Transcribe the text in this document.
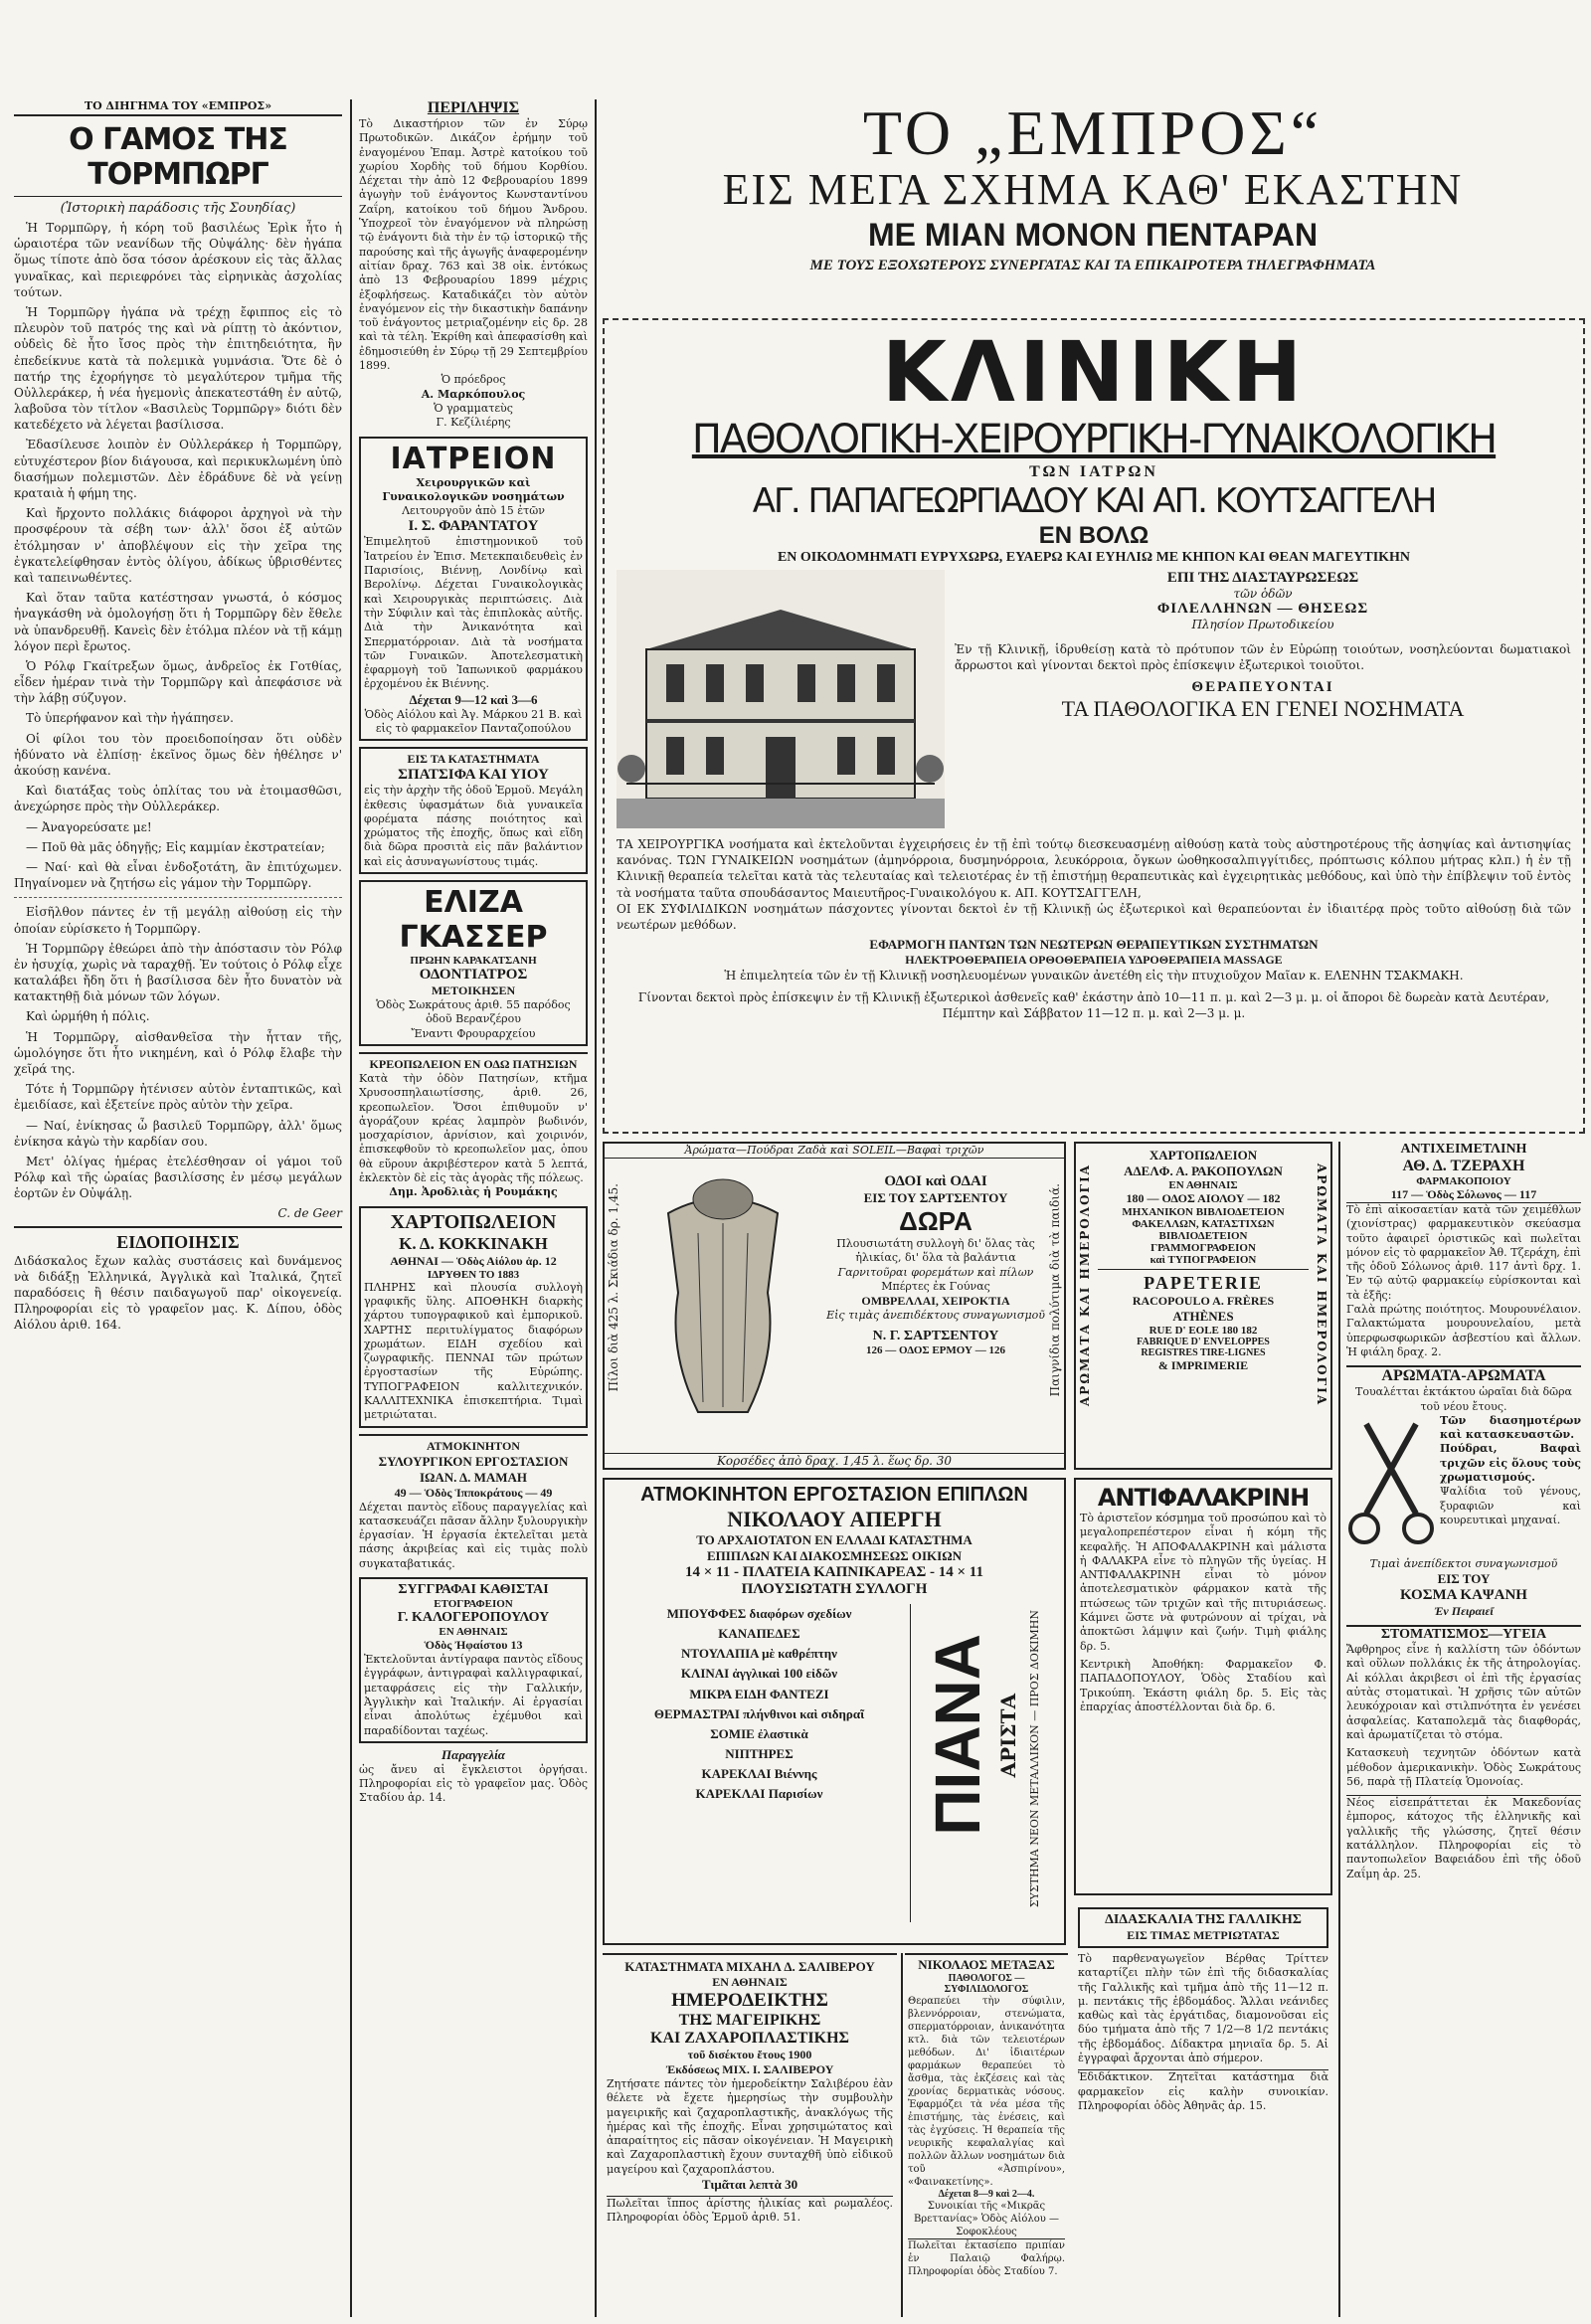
ΤΟ ΔΙΗΓΗΜΑ ΤΟΥ «ΕΜΠΡΟΣ»
Ο ΓΑΜΟΣ ΤΗΣ ΤΟΡΜΠΩΡΓ
(Ἱστορικὴ παράδοσις τῆς Σουηδίας)

Ἡ Τορμπῶργ, ἡ κόρη τοῦ βασιλέως Ἐρὶκ ἦτο ἡ ὡραιοτέρα τῶν νεανίδων τῆς Οὐψάλης· δὲν ἠγάπα ὅμως τίποτε ἀπὸ ὅσα τόσον ἀρέσκουν εἰς τὰς ἄλλας γυναῖκας, καὶ περιεφρόνει τὰς εἰρηνικὰς ἀσχολίας τούτων.

Ἡ Τορμπῶργ ἠγάπα νὰ τρέχῃ ἔφιππος εἰς τὸ πλευρὸν τοῦ πατρός της καὶ νὰ ρίπτῃ τὸ ἀκόντιον, οὐδεὶς δὲ ἦτο ἴσος πρὸς τὴν ἐπιτηδειότητα, ἣν ἐπεδείκνυε κατὰ τὰ πολεμικὰ γυμνάσια. Ὅτε δὲ ὁ πατήρ της ἐχορήγησε τὸ μεγαλύτερον τμῆμα τῆς Οὐλλεράκερ, ἡ νέα ἡγεμονὶς ἀπεκατεστάθη ἐν αὐτῷ, λαβοῦσα τὸν τίτλον «Βασιλεὺς Τορμπῶργ» διότι δὲν κατεδέχετο νὰ λέγεται βασίλισσα.

Ἐδασίλευσε λοιπὸν ἐν Οὐλλεράκερ ἡ Τορμπῶργ, εὐτυχέστερον βίον διάγουσα, καὶ περικυκλωμένη ὑπὸ διασήμων πολεμιστῶν. Δὲν ἐδράδυνε δὲ νὰ γείνῃ κραταιὰ ἡ φήμη της.

Καὶ ἤρχοντο πολλάκις διάφοροι ἀρχηγοὶ νὰ τὴν προσφέρουν τὰ σέβη των· ἀλλ' ὅσοι ἐξ αὐτῶν ἐτόλμησαν ν' ἀποβλέψουν εἰς τὴν χεῖρα της ἐγκατελείφθησαν ἐντὸς ὀλίγου, ἀδίκως ὑβρισθέντες καὶ ταπεινωθέντες.

Καὶ ὅταν ταῦτα κατέστησαν γνωστά, ὁ κόσμος ἠναγκάσθη νὰ ὁμολογήσῃ ὅτι ἡ Τορμπῶργ δὲν ἔθελε νὰ ὑπανδρευθῇ. Κανεὶς δὲν ἐτόλμα πλέον νὰ τῇ κάμῃ λόγον περὶ ἔρωτος.

Ὁ Ρόλφ Γκαίτρεξων ὅμως, ἀνδρεῖος ἐκ Γοτθίας, εἶδεν ἡμέραν τινὰ τὴν Τορμπῶργ καὶ ἀπεφάσισε νὰ τὴν λάβῃ σύζυγον.

Τὸ ὑπερήφανον καὶ τὴν ἠγάπησεν.

Οἱ φίλοι του τὸν προειδοποίησαν ὅτι οὐδὲν ἠδύνατο νὰ ἐλπίσῃ· ἐκεῖνος ὅμως δὲν ἠθέλησε ν' ἀκούσῃ κανένα.

Καὶ διατάξας τοὺς ὁπλίτας του νὰ ἑτοιμασθῶσι, ἀνεχώρησε πρὸς τὴν Οὐλλεράκερ.

— Ἀναγορεύσατε με!

— Ποῦ θὰ μᾶς ὁδηγῇς; Εἰς καμμίαν ἐκστρατείαν;

— Ναί· καὶ θὰ εἶναι ἐνδοξοτάτη, ἂν ἐπιτύχωμεν. Πηγαίνομεν νὰ ζητήσω εἰς γάμον τὴν Τορμπῶργ.

Εἰσῆλθον πάντες ἐν τῇ μεγάλῃ αἰθούσῃ εἰς τὴν ὁποίαν εὑρίσκετο ἡ Τορμπῶργ.

Ἡ Τορμπῶργ ἐθεώρει ἀπὸ τὴν ἀπόστασιν τὸν Ρόλφ ἐν ἡσυχίᾳ, χωρὶς νὰ ταραχθῇ. Ἐν τούτοις ὁ Ρόλφ εἶχε καταλάβει ἤδη ὅτι ἡ βασίλισσα δὲν ἦτο δυνατὸν νὰ κατακτηθῇ διὰ μόνων τῶν λόγων.

Καὶ ὡρμήθη ἡ πόλις.

Ἡ Τορμπῶργ, αἰσθανθεῖσα τὴν ἧτταν τῆς, ὡμολόγησε ὅτι ἦτο νικημένη, καὶ ὁ Ρόλφ ἔλαβε τὴν χεῖρά της.

Τότε ἡ Τορμπῶργ ἠτένισεν αὐτὸν ἐνταπτικῶς, καὶ ἐμειδίασε, καὶ ἐξετείνε πρὸς αὐτὸν τὴν χεῖρα.

— Ναί, ἐνίκησας ὦ βασιλεῦ Τορμπῶργ, ἀλλ' ὅμως ἐνίκησα κἀγὼ τὴν καρδίαν σου.

Μετ' ὀλίγας ἡμέρας ἐτελέσθησαν οἱ γάμοι τοῦ Ρόλφ καὶ τῆς ὡραίας βασιλίσσης ἐν μέσῳ μεγάλων ἑορτῶν ἐν Οὐψάλῃ.

C. de Geer
ΕΙΔΟΠΟΙΗΣΙΣ
Διδάσκαλος ἔχων καλὰς συστάσεις καὶ δυνάμενος νὰ διδάξῃ Ἑλληνικά, Ἀγγλικὰ καὶ Ἰταλικά, ζητεῖ παραδόσεις ἢ θέσιν παιδαγωγοῦ παρ' οἰκογενείᾳ. Πληροφορίαι εἰς τὸ γραφεῖον μας. Κ. Δίπου, ὁδὸς Αἰόλου ἀριθ. 164.
ΠΕΡΙΛΗΨΙΣ
Τὸ Δικαστήριον τῶν ἐν Σύρῳ Πρωτοδικῶν. Δικάζον ἐρήμην τοῦ ἐναγομένου Ἐπαμ. Ἀστρὲ κατοίκου τοῦ χωρίου Χορδὴς τοῦ δήμου Κορθίου. Δέχεται τὴν ἀπὸ 12 Φεβρουαρίου 1899 ἀγωγὴν τοῦ ἐνάγοντος Κωνσταντίνου Ζαΐρη, κατοίκου τοῦ δήμου Ἄνδρου. Ὑποχρεοῖ τὸν ἐναγόμενον νὰ πληρώσῃ τῷ ἐνάγοντι διὰ τὴν ἐν τῷ ἱστορικῷ τῆς παρούσης καὶ τῆς ἀγωγῆς ἀναφερομένην αἰτίαν δραχ. 763 καὶ 38 οἰκ. ἐντόκως ἀπὸ 13 Φεβρουαρίου 1899 μέχρις ἐξοφλήσεως. Καταδικάζει τὸν αὐτὸν ἐναγόμενον εἰς τὴν δικαστικὴν δαπάνην τοῦ ἐνάγοντος μετριαζομένην εἰς δρ. 28 καὶ τὰ τέλη. Ἐκρίθη καὶ ἀπεφασίσθη καὶ ἐδημοσιεύθη ἐν Σύρῳ τῇ 29 Σεπτεμβρίου 1899.
Ὁ πρόεδρος
Α. Μαρκόπουλος
Ὁ γραμματεὺς
Γ. Κεζίλιέρης
ΙΑΤΡΕΙΟΝ
Χειρουργικῶν καὶ Γυναικολογικῶν νοσημάτων
Λειτουργοῦν ἀπὸ 15 ἐτῶν
Ι. Σ. ΦΑΡΑΝΤΑΤΟΥ
Ἐπιμελητοῦ ἐπιστημονικοῦ τοῦ Ἰατρείου ἐν Ἐπισ. Μετεκπαιδευθεὶς ἐν Παρισίοις, Βιέννῃ, Λονδίνῳ καὶ Βερολίνῳ. Δέχεται Γυναικολογικὰς καὶ Χειρουργικὰς περιπτώσεις. Διὰ τὴν Σύφιλιν καὶ τὰς ἐπιπλοκὰς αὐτῆς. Διὰ τὴν Ἀνικανότητα καὶ Σπερματόρροιαν. Διὰ τὰ νοσήματα τῶν Γυναικῶν. Ἀποτελεσματικὴ ἐφαρμογὴ τοῦ Ἰαπωνικοῦ φαρμάκου ἐρχομένου ἐκ Βιέννης.
Δέχεται 9—12 καὶ 3—6
Ὁδὸς Αἰόλου καὶ Ἀγ. Μάρκου 21 Β. καὶ εἰς τὸ φαρμακεῖον Πανταζοπούλου
ΕΙΣ ΤΑ ΚΑΤΑΣΤΗΜΑΤΑ
ΣΠΑΤΣΙΦΑ ΚΑΙ ΥΙΟΥ
εἰς τὴν ἀρχὴν τῆς ὁδοῦ Ἑρμοῦ. Μεγάλη ἐκθεσις ὑφασμάτων διὰ γυναικεῖα φορέματα πάσης ποιότητος καὶ χρώματος τῆς ἐποχῆς, ὅπως καὶ εἴδη διὰ δῶρα προσιτὰ εἰς πᾶν βαλάντιον καὶ εἰς ἀσυναγωνίστους τιμάς.
ΕΛΙΖΑ ΓΚΑΣΣΕΡ
ΠΡΩΗΝ ΚΑΡΑΚΑΤΣΑΝΗ
ΟΔΟΝΤΙΑΤΡΟΣ
ΜΕΤΟΙΚΗΣΕΝ
Ὁδὸς Σωκράτους ἀριθ. 55 παρόδος ὁδοῦ Βερανζέρου
Ἔναντι Φρουραρχείου
ΚΡΕΟΠΩΛΕΙΟΝ ΕΝ ΟΔΩ ΠΑΤΗΣΙΩΝ
Κατὰ τὴν ὁδὸν Πατησίων, κτῆμα Χρυσοσπηλαιωτίσσης, ἀριθ. 26, κρεοπωλεῖον. Ὅσοι ἐπιθυμοῦν ν' ἀγοράζουν κρέας λαμπρὸν βωδινόν, μοσχαρίσιον, ἀρνίσιον, καὶ χοιρινόν, ἐπισκεφθοῦν τὸ κρεοπωλεῖον μας, ὁπου θὰ εὕρουν ἀκριβέστερον κατὰ 5 λεπτά, ἐκλεκτὸν δὲ εἰς τὰς ἀγορὰς τῆς πόλεως.
Δημ. Ἀροδλιὰς ἡ Ρουμάκης
ΧΑΡΤΟΠΩΛΕΙΟΝ
Κ. Δ. ΚΟΚΚΙΝΑΚΗ
ΑΘΗΝΑΙ — Ὁδὸς Αἰόλου ἀρ. 12
ΙΔΡΥΘΕΝ ΤΟ 1883
ΠΛΗΡΗΣ καὶ πλουσία συλλογὴ γραφικῆς ὕλης. ΑΠΟΘΗΚΗ διαρκὴς χάρτου τυπογραφικοῦ καὶ ἐμπορικοῦ. ΧΑΡΤΗΣ περιτυλίγματος διαφόρων χρωμάτων. ΕΙΔΗ σχεδίου καὶ ζωγραφικῆς. ΠΕΝΝΑΙ τῶν πρώτων ἐργοστασίων τῆς Εὐρώπης. ΤΥΠΟΓΡΑΦΕΙΟΝ καλλιτεχνικόν. ΚΑΛΛΙΤΕΧΝΙΚΑ ἐπισκεπτήρια. Τιμαὶ μετριώταται.
ΑΤΜΟΚΙΝΗΤΟΝ
ΣΥΛΟΥΡΓΙΚΟΝ ΕΡΓΟΣΤΑΣΙΟΝ
ΙΩΑΝ. Δ. ΜΑΜΑΗ
49 — Ὁδὸς Ἱπποκράτους — 49
Δέχεται παντὸς εἴδους παραγγελίας καὶ κατασκευάζει πᾶσαν ἄλλην ξυλουργικὴν ἐργασίαν. Ἡ ἐργασία ἐκτελεῖται μετὰ πάσης ἀκριβείας καὶ εἰς τιμὰς πολὺ συγκαταβατικάς.
ΣΥΓΓΡΑΦΑΙ ΚΑΘΙΣΤΑΙ
ΕΤΟΓΡΑΦΕΙΟΝ
Γ. ΚΑΛΟΓΕΡΟΠΟΥΛΟΥ
ΕΝ ΑΘΗΝΑΙΣ
Ὁδὸς Ἠφαίστου 13
Ἐκτελοῦνται ἀντίγραφα παντὸς εἴδους ἐγγράφων, ἀντιγραφαὶ καλλιγραφικαί, μεταφράσεις εἰς τὴν Γαλλικήν, Ἀγγλικὴν καὶ Ἰταλικήν. Αἱ ἐργασίαι εἶναι ἀπολύτως ἐχέμυθοι καὶ παραδίδονται ταχέως.
Παραγγελία
ὡς ἄνευ αἱ ἔγκλειστοι ὀργήσαι. Πληροφορίαι εἰς τὸ γραφεῖον μας. Ὁδὸς Σταδίου ἀρ. 14.
ΤΟ „ΕΜΠΡΟΣ“
ΕΙΣ ΜΕΓΑ ΣΧΗΜΑ ΚΑΘ' ΕΚΑΣΤΗΝ
ΜΕ ΜΙΑΝ ΜΟΝΟΝ ΠΕΝΤΑΡΑΝ
ΜΕ ΤΟΥΣ ΕΞΟΧΩΤΕΡΟΥΣ ΣΥΝΕΡΓΑΤΑΣ ΚΑΙ ΤΑ ΕΠΙΚΑΙΡΟΤΕΡΑ ΤΗΛΕΓΡΑΦΗΜΑΤΑ
ΚΛΙΝΙΚΗ
ΠΑΘΟΛΟΓΙΚΗ-ΧΕΙΡΟΥΡΓΙΚΗ-ΓΥΝΑΙΚΟΛΟΓΙΚΗ
ΤΩΝ ΙΑΤΡΩΝ
ΑΓ. ΠΑΠΑΓΕΩΡΓΙΑΔΟΥ ΚΑΙ ΑΠ. ΚΟΥΤΣΑΓΓΕΛΗ
ΕΝ ΒΟΛΩ
ΕΝ ΟΙΚΟΔΟΜΗΜΑΤΙ ΕΥΡΥΧΩΡΩ, ΕΥΑΕΡΩ ΚΑΙ ΕΥΗΛΙΩ ΜΕ ΚΗΠΟΝ ΚΑΙ ΘΕΑΝ ΜΑΓΕΥΤΙΚΗΝ
ΕΠΙ ΤΗΣ ΔΙΑΣΤΑΥΡΩΣΕΩΣ
τῶν ὁδῶν
ΦΙΛΕΛΛΗΝΩΝ — ΘΗΣΕΩΣ
Πλησίον Πρωτοδικείου
Ἐν τῇ Κλινικῇ, ἱδρυθείσῃ κατὰ τὸ πρότυπον τῶν ἐν Εὐρώπῃ τοιούτων, νοσηλεύονται δωματιακοὶ ἄρρωστοι καὶ γίνονται δεκτοὶ πρὸς ἐπίσκεψιν ἐξωτερικοὶ τοιοῦτοι.
ΘΕΡΑΠΕΥΟΝΤΑΙ
ΤΑ ΠΑΘΟΛΟΓΙΚΑ ΕΝ ΓΕΝΕΙ ΝΟΣΗΜΑΤΑ
ΤΑ ΧΕΙΡΟΥΡΓΙΚΑ νοσήματα καὶ ἐκτελοῦνται ἐγχειρήσεις ἐν τῇ ἐπὶ τούτῳ διεσκευασμένῃ αἰθούσῃ κατὰ τοὺς αὐστηροτέρους τῆς ἀσηψίας καὶ ἀντισηψίας κανόνας. ΤΩΝ ΓΥΝΑΙΚΕΙΩΝ νοσημάτων (ἀμηνόρροια, δυσμηνόρροια, λευκόρροια, ὄγκων ὠοθηκοσαλπιγγίτιδες, πρόπτωσις κόλπου μήτρας κλπ.) ἡ ἐν τῇ Κλινικῇ θεραπεία τελεῖται κατὰ τὰς τελευταίας καὶ τελειοτέρας ἐν τῇ ἐπιστήμῃ θεραπευτικὰς καὶ ἐγχειρητικὰς μεθόδους, καὶ ὑπὸ τὴν ἐπίβλεψιν τοῦ ἐντὸς τὰ νοσήματα ταῦτα σπουδάσαντος Μαιευτῆρος-Γυναικολόγου κ. ΑΠ. ΚΟΥΤΣΑΓΓΕΛΗ,
ΟΙ ΕΚ ΣΥΦΙΛΙΔΙΚΩΝ νοσημάτων πάσχοντες γίνονται δεκτοὶ ἐν τῇ Κλινικῇ ὡς ἐξωτερικοὶ καὶ θεραπεύονται ἐν ἰδιαιτέρᾳ πρὸς τοῦτο αἰθούσῃ διὰ τῶν νεωτέρων μεθόδων.
ΕΦΑΡΜΟΓΗ ΠΑΝΤΩΝ ΤΩΝ ΝΕΩΤΕΡΩΝ ΘΕΡΑΠΕΥΤΙΚΩΝ ΣΥΣΤΗΜΑΤΩΝ
ΗΛΕΚΤΡΟΘΕΡΑΠΕΙΑ ΟΡΘΟΘΕΡΑΠΕΙΑ ΥΔΡΟΘΕΡΑΠΕΙΑ MASSAGE
Ἡ ἐπιμελητεία τῶν ἐν τῇ Κλινικῇ νοσηλευομένων γυναικῶν ἀνετέθη εἰς τὴν πτυχιοῦχον Μαῖαν κ. ΕΛΕΝΗΝ ΤΣΑΚΜΑΚΗ.
Γίνονται δεκτοὶ πρὸς ἐπίσκεψιν ἐν τῇ Κλινικῇ ἐξωτερικοὶ ἀσθενεῖς καθ' ἑκάστην ἀπὸ 10—11 π. μ. καὶ 2—3 μ. μ. οἱ ἄποροι δὲ δωρεὰν κατὰ Δευτέραν, Πέμπτην καὶ Σάββατον 11—12 π. μ. καὶ 2—3 μ. μ.
Ἀρώματα—Πούδραι Ζαδὰ καὶ SOLEIL—Βαφαὶ τριχῶν
Πίλοι διὰ 425 λ. Σκιάδια δρ. 1,45.	Παιγνίδια πολύτιμα διὰ τὰ παιδιά.
ΟΔΟΙ καὶ ΟΔΑΙ
ΕΙΣ ΤΟΥ ΣΑΡΤΣΕΝΤΟΥ
ΔΩΡΑ
Πλουσιωτάτη συλλογὴ δι' ὅλας τὰς ἡλικίας, δι' ὅλα τὰ βαλάντια
Γαρνιτοῦραι φορεμάτων καὶ πίλων
Μπέρτες ἐκ Γούνας
ΟΜΒΡΕΛΛΑΙ, ΧΕΙΡΟΚΤΙΑ
Εἰς τιμὰς ἀνεπιδέκτους συναγωνισμοῦ
Ν. Γ. ΣΑΡΤΣΕΝΤΟΥ
126 — ΟΔΟΣ ΕΡΜΟΥ — 126
Κορσέδες ἀπὸ δραχ. 1,45 λ. ἕως δρ. 30
ΑΡΩΜΑΤΑ ΚΑΙ ΗΜΕΡΟΛΟΓΙΑ	ΑΡΩΜΑΤΑ ΚΑΙ ΗΜΕΡΟΛΟΓΙΑ
ΧΑΡΤΟΠΩΛΕΙΟΝ
ΑΔΕΛΦ. Α. ΡΑΚΟΠΟΥΛΩΝ
ΕΝ ΑΘΗΝΑΙΣ
180 — ΟΔΟΣ ΑΙΟΛΟΥ — 182
ΜΗΧΑΝΙΚΟΝ ΒΙΒΛΙΟΔΕΤΕΙΟΝ
ΦΑΚΕΛΛΩΝ, ΚΑΤΑΣΤΙΧΩΝ
ΒΙΒΛΙΟΔΕΤΕΙΟΝ
ΓΡΑΜΜΟΓΡΑΦΕΙΟΝ
καὶ ΤΥΠΟΓΡΑΦΕΙΟΝ
PAPETERIE
RACOPOULO A. FRÈRES
ATHÈNES
RUE D' EOLE 180 182
FABRIQUE D' ENVELOPPES
REGISTRES TIRE-LIGNES
& IMPRIMERIE
ΑΝΤΙΧΕΙΜΕΤΛΙΝΗ
ΑΘ. Δ. ΤΖΕΡΑΧΗ
ΦΑΡΜΑΚΟΠΟΙΟΥ
117 — Ὁδὸς Σόλωνος — 117
Τὸ ἐπὶ αἰκοσαετίαν κατὰ τῶν χειμέθλων (χιονίστρας) φαρμακευτικὸν σκεύασμα τοῦτο ἀφαιρεῖ ὁριστικῶς καὶ πωλεῖται μόνον εἰς τὸ φαρμακεῖον Ἀθ. Τζεράχη, ἐπὶ τῆς ὁδοῦ Σόλωνος ἀριθ. 117 ἀντὶ δρχ. 1. Ἐν τῷ αὐτῷ φαρμακείῳ εὑρίσκονται καὶ τὰ ἑξῆς:
Γαλὰ πρώτης ποιότητος. Μουρουνέλαιον. Γαλακτώματα μουρουνελαίου, μετὰ ὑπερφωσφωρικῶν ἀσβεστίου καὶ ἄλλων. Ἡ φιάλη δραχ. 2.
ΑΡΩΜΑΤΑ-ΑΡΩΜΑΤΑ
Τουαλέτται ἐκτάκτου ὡραῖαι διὰ δῶρα τοῦ νέου ἔτους.
Τῶν διασημοτέρων καὶ κατασκευαστῶν.
Πούδραι, Βαφαὶ τριχῶν εἰς ὅλους τοὺς χρωματισμούς.
Ψαλίδια τοῦ γένους, ξυραφιῶν καὶ κουρευτικαὶ μηχαναί.
Τιμαὶ ἀνεπίδεκτοι συναγωνισμοῦ
ΕΙΣ ΤΟΥ
ΚΟΣΜΑ ΚΑΨΑΝΗ
Ἐν Πειραιεῖ
ΣΤΟΜΑΤΙΣΜΟΣ—ΥΓΕΙΑ
Ἄφθρηρος εἶνε ἡ καλλίστη τῶν ὀδόντων καὶ οὕλων πολλάκις ἐκ τῆς ἀτηρολογίας. Αἱ κόλλαι ἀκριβεσι οἱ ἐπὶ τῆς ἐργασίας αὐτὰς στοματικαὶ. Ἡ χρῆσις τῶν αὐτῶν λευκόχροιαν καὶ στιλπνότητα ἐν γενέσει ἀσφαλείας. Καταπολεμᾶ τὰς διαφθοράς, καὶ ἀρωματίζεται τὸ στόμα.
Κατασκευὴ τεχνητῶν ὀδόντων κατὰ μέθοδον ἀμερικανικὴν. Ὁδὸς Σωκράτους 56, παρὰ τῇ Πλατείᾳ Ὁμονοίας.
Νέος εἰσεπράττεται ἐκ Μακεδονίας ἐμπορος, κάτοχος τῆς ἑλληνικῆς καὶ γαλλικῆς τῆς γλώσσης, ζητεῖ θέσιν κατάλληλον. Πληροφορίαι εἰς τὸ παντοπωλεῖον Βαφειάδου ἐπὶ τῆς ὁδοῦ Ζαΐμη ἀρ. 25.
ΑΤΜΟΚΙΝΗΤΟΝ ΕΡΓΟΣΤΑΣΙΟΝ ΕΠΙΠΛΩΝ
ΝΙΚΟΛΑΟΥ ΑΠΕΡΓΗ
ΤΟ ΑΡΧΑΙΟΤΑΤΟΝ ΕΝ ΕΛΛΑΔΙ ΚΑΤΑΣΤΗΜΑ
ΕΠΙΠΛΩΝ ΚΑΙ ΔΙΑΚΟΣΜΗΣΕΩΣ ΟΙΚΙΩΝ
14 × 11 - ΠΛΑΤΕΙΑ ΚΑΠΝΙΚΑΡΕΑΣ - 14 × 11
ΠΛΟΥΣΙΩΤΑΤΗ ΣΥΛΛΟΓΗ
ΜΠΟΥΦΦΕΣ διαφόρων σχεδίων
ΚΑΝΑΠΕΔΕΣ
ΝΤΟΥΛΑΠΙΑ μὲ καθρέπτην
ΚΛΙΝΑΙ ἀγγλικαὶ 100 εἰδῶν
ΜΙΚΡΑ ΕΙΔΗ ΦΑΝΤΕΖΙ
ΘΕΡΜΑΣΤΡΑΙ πλήνθινοι καὶ σιδηραῖ
ΣΟΜΙΕ ἐλαστικὰ
ΝΙΠΤΗΡΕΣ
ΚΑΡΕΚΛΑΙ Βιέννης
ΚΑΡΕΚΛΑΙ Παρισίων	ΠΙΑΝΑ ΑΡΙΣΤΑ ΣΥΣΤΗΜΑ ΝΕΟΝ ΜΕΤΑΛΛΙΚΟΝ — ΠΡΟΣ ΔΟΚΙΜΗΝ
ΑΝΤΙΦΑΛΑΚΡΙΝΗ
Τὸ ἀριστεῖον κόσμημα τοῦ προσώπου καὶ τὸ μεγαλοπρεπέστερον εἶναι ἡ κόμη τῆς κεφαλῆς. Ἡ ΑΠΟΦΑΛΑΚΡΙΝΗ καὶ μάλιστα ἡ ΦΑΛΑΚΡΑ εἶνε τὸ πληγῶν τῆς ὑγείας. Η ΑΝΤΙΦΑΛΑΚΡΙΝΗ εἶναι τὸ μόνον ἀποτελεσματικὸν φάρμακον κατὰ τῆς πτώσεως τῶν τριχῶν καὶ τῆς πιτυριάσεως. Κάμνει ὥστε νὰ φυτρώνουν αἱ τρίχαι, νὰ ἀποκτῶσι λάμψιν καὶ ζωήν. Τιμὴ φιάλης δρ. 5.
Κεντρικὴ Ἀποθήκη: Φαρμακεῖον Φ. ΠΑΠΑΔΟΠΟΥΛΟΥ, Ὁδὸς Σταδίου καὶ Τρικούπη. Ἐκάστη φιάλη δρ. 5. Εἰς τὰς ἐπαρχίας ἀποστέλλονται διὰ δρ. 6.
ΚΑΤΑΣΤΗΜΑΤΑ ΜΙΧΑΗΛ Δ. ΣΑΛΙΒΕΡΟΥ
ΕΝ ΑΘΗΝΑΙΣ
ΗΜΕΡΟΔΕΙΚΤΗΣ
ΤΗΣ ΜΑΓΕΙΡΙΚΗΣ
ΚΑΙ ΖΑΧΑΡΟΠΛΑΣΤΙΚΗΣ
τοῦ δισέκτου ἔτους 1900
Ἐκδόσεως ΜΙΧ. Ι. ΣΑΛΙΒΕΡΟΥ
Ζητήσατε πάντες τὸν ἡμεροδείκτην Σαλιβέρου ἐὰν θέλετε νὰ ἔχετε ἡμερησίως τὴν συμβουλὴν μαγειρικῆς καὶ ζαχαροπλαστικῆς, ἀνακλόγως τῆς ἡμέρας καὶ τῆς ἐποχῆς. Εἶναι χρησιμώτατος καὶ ἀπαραίτητος εἰς πᾶσαν οἰκογένειαν. Ἡ Μαγειρικὴ καὶ Ζαχαροπλαστικὴ ἔχουν συνταχθῆ ὑπὸ εἰδικοῦ μαγείρου καὶ ζαχαροπλάστου.
Τιμᾶται λεπτὰ 30
Πωλεῖται ἴππος ἀρίστης ἡλικίας καὶ ρωμαλέος. Πληροφορίαι ὁδὸς Ἑρμοῦ ἀριθ. 51.
ΝΙΚΟΛΑΟΣ ΜΕΤΑΞΑΣ
ΠΑΘΟΛΟΓΟΣ — ΣΥΦΙΛΙΔΟΛΟΓΟΣ
Θεραπεύει τὴν σύφιλιν, βλεννόρροιαν, στενώματα, σπερματόρροιαν, ἀνικανότητα κτλ. διὰ τῶν τελειοτέρων μεθόδων. Δι' ἰδιαιτέρων φαρμάκων θεραπεύει τὸ ἄσθμα, τὰς ἐκζέσεις καὶ τὰς χρονίας δερματικὰς νόσους. Ἐφαρμόζει τὰ νέα μέσα τῆς ἐπιστήμης, τὰς ἐνέσεις, καὶ τὰς ἐγχύσεις. Ἡ θεραπεία τῆς νευρικῆς κεφαλαλγίας καὶ πολλῶν ἄλλων νοσημάτων διὰ τοῦ «Ἀσπιρίνου», «Φαινακετίνης».
Δέχεται 8—9 καὶ 2—4.
Συνοικίαι τῆς «Μικρᾶς Βρεττανίας» Ὁδὸς Αἰόλου — Σοφοκλέους
Πωλεῖται ἐκτασίεπο πριπίαν ἐν Παλαιῷ Φαλήρῳ. Πληροφορίαι ὁδὸς Σταδίου 7.
ΔΙΔΑΣΚΑΛΙΑ ΤΗΣ ΓΑΛΛΙΚΗΣ
ΕΙΣ ΤΙΜΑΣ ΜΕΤΡΙΩΤΑΤΑΣ
Τὸ παρθεναγωγεῖον Βέρθας Τρίττεν καταρτίζει πλὴν τῶν ἐπὶ τῆς διδασκαλίας τῆς Γαλλικῆς καὶ τμῆμα ἀπὸ τῆς 11—12 π. μ. πεντάκις τῆς ἑβδομάδος. Ἄλλαι νεάνιδες καθὼς καὶ τὰς ἐργάτιδας, διαμονοῦσαι εἰς δύο τμήματα ἀπὸ τῆς 7 1/2—8 1/2 πεντάκις τῆς ἑβδομάδος. Δίδακτρα μηνιαῖα δρ. 5. Αἱ ἐγγραφαὶ ἄρχονται ἀπὸ σήμερον.
Ἐδιδάκτικον. Ζητεῖται κατάστημα διὰ φαρμακεῖον εἰς καλὴν συνοικίαν. Πληροφορίαι ὁδὸς Ἀθηνᾶς ἀρ. 15.
